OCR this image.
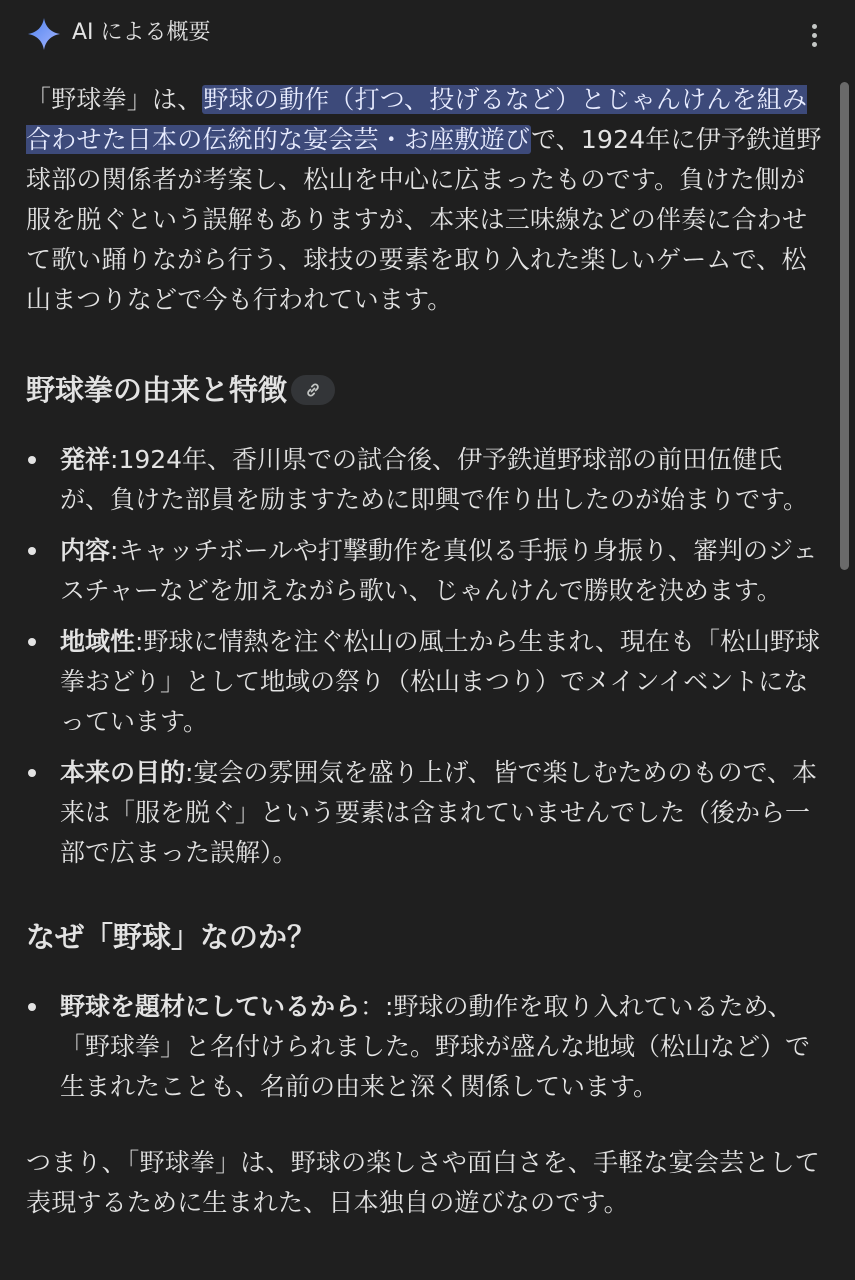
AI による概要

「野球拳」は、野球の動作（打つ、投げるなど）とじゃんけんを組み合わせた日本の伝統的な宴会芸・お座敷遊びで、1924年に伊予鉄道野球部の関係者が考案し、松山を中心に広まったものです。負けた側が服を脱ぐという誤解もありますが、本来は三味線などの伴奏に合わせて歌い踊りながら行う、球技の要素を取り入れた楽しいゲームで、松山まつりなどで今も行われています。

野球拳の由来と特徴
発祥:1924年、香川県での試合後、伊予鉄道野球部の前田伍健氏が、負けた部員を励ますために即興で作り出したのが始まりです。
内容:キャッチボールや打撃動作を真似る手振り身振り、審判のジェスチャーなどを加えながら歌い、じゃんけんで勝敗を決めます。
地域性:野球に情熱を注ぐ松山の風土から生まれ、現在も「松山野球拳おどり」として地域の祭り（松山まつり）でメインイベントになっています。
本来の目的:宴会の雰囲気を盛り上げ、皆で楽しむためのもので、本来は「服を脱ぐ」という要素は含まれていませんでした（後から一部で広まった誤解）。
なぜ「野球」なのか？
野球を題材にしているから：:野球の動作を取り入れているため、「野球拳」と名付けられました。野球が盛んな地域（松山など）で生まれたことも、名前の由来と深く関係しています。

つまり、「野球拳」は、野球の楽しさや面白さを、手軽な宴会芸として表現するために生まれた、日本独自の遊びなのです。
